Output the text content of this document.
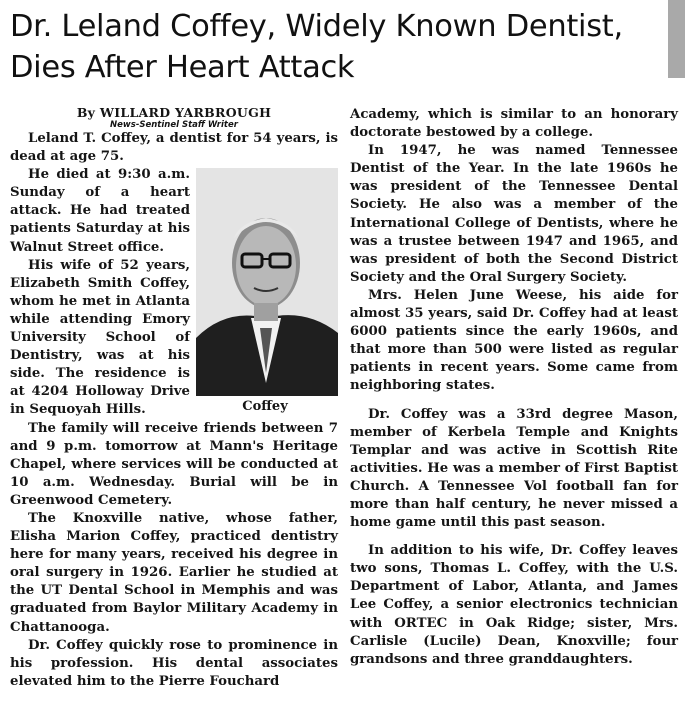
Dr. Leland Coffey, Widely Known Dentist, Dies After Heart Attack
By WILLARD YARBROUGH
News-Sentinel Staff Writer

Leland T. Coffey, a dentist for 54 years, is dead at age 75.

Coffey

He died at 9:30 a.m. Sunday of a heart attack. He had treated patients Saturday at his Walnut Street office.

His wife of 52 years, Elizabeth Smith Coffey, whom he met in Atlanta while attending Emory University School of Dentistry, was at his side. The residence is at 4204 Holloway Drive in Sequoyah Hills.

The family will receive friends between 7 and 9 p.m. tomorrow at Mann's Heritage Chapel, where services will be conducted at 10 a.m. Wednesday. Burial will be in Greenwood Cemetery.

The Knoxville native, whose father, Elisha Marion Coffey, practiced dentistry here for many years, received his degree in oral surgery in 1926. Earlier he studied at the UT Dental School in Memphis and was graduated from Baylor Military Academy in Chattanooga.

Dr. Coffey quickly rose to prominence in his profession. His dental associates elevated him to the Pierre Fouchard

Academy, which is similar to an honorary doctorate bestowed by a college.

In 1947, he was named Tennessee Dentist of the Year. In the late 1960s he was president of the Tennessee Dental Society. He also was a member of the International College of Dentists, where he was a trustee between 1947 and 1965, and was president of both the Second District Society and the Oral Surgery Society.

Mrs. Helen June Weese, his aide for almost 35 years, said Dr. Coffey had at least 6000 patients since the early 1960s, and that more than 500 were listed as regular patients in recent years. Some came from neighboring states.

Dr. Coffey was a 33rd degree Mason, member of Kerbela Temple and Knights Templar and was active in Scottish Rite activities. He was a member of First Baptist Church. A Tennessee Vol football fan for more than half century, he never missed a home game until this past season.

In addition to his wife, Dr. Coffey leaves two sons, Thomas L. Coffey, with the U.S. Department of Labor, Atlanta, and James Lee Coffey, a senior electronics technician with ORTEC in Oak Ridge; sister, Mrs. Carlisle (Lucile) Dean, Knoxville; four grandsons and three granddaughters.
